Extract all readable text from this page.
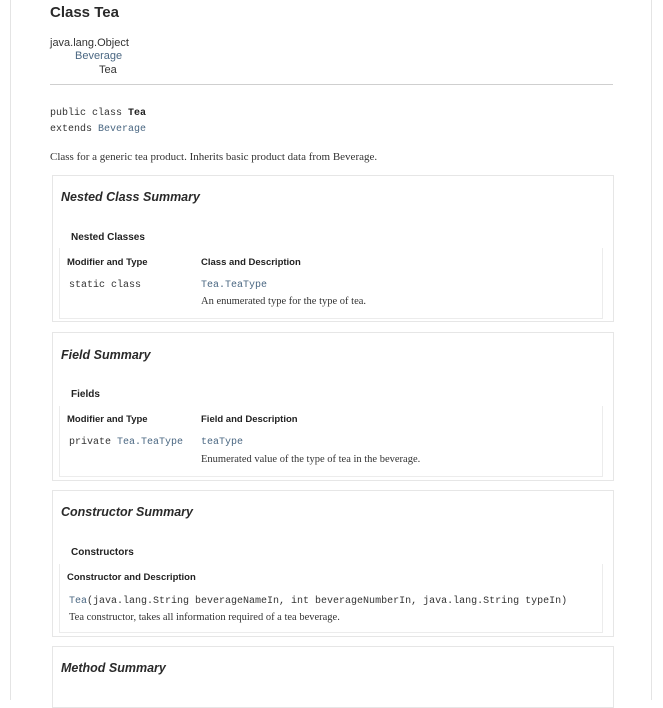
Class Tea
java.lang.Object
Beverage
Tea
public class Tea
extends Beverage
Class for a generic tea product. Inherits basic product data from Beverage.
Nested Class Summary
Nested Classes
Modifier and Type	Class and Description
static class	Tea.TeaType
An enumerated type for the type of tea.
Field Summary
Fields
Modifier and Type	Field and Description
private Tea.TeaType teaType
Enumerated value of the type of tea in the beverage.
Constructor Summary
Constructors
Constructor and Description
Tea(java.lang.String beverageNameIn, int beverageNumberIn, java.lang.String typeIn)
Tea constructor, takes all information required of a tea beverage.
Method Summary
